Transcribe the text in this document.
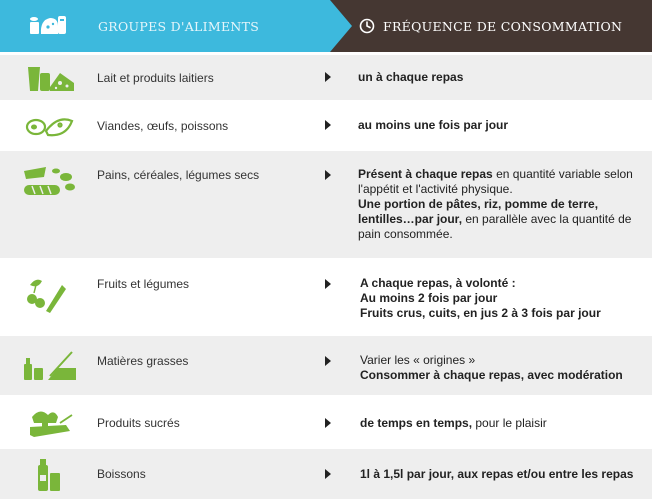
GROUPES D'ALIMENTS	FRÉQUENCE DE CONSOMMATION
Lait et produits laitiers	un à chaque repas
Viandes, œufs, poissons	au moins une fois par jour
Pains, céréales, légumes secs	Présent à chaque repas en quantité variable selon
l'appétit et l'activité physique.
Une portion de pâtes, riz, pomme de terre,
lentilles…par jour, en parallèle avec la quantité de
pain consommée.
Fruits et légumes	A chaque repas, à volonté :
Au moins 2 fois par jour
Fruits crus, cuits, en jus 2 à 3 fois par jour
Matières grasses	Varier les « origines »
Consommer à chaque repas, avec modération
Produits sucrés	de temps en temps, pour le plaisir
Boissons	1l à 1,5l par jour, aux repas et/ou entre les repas
